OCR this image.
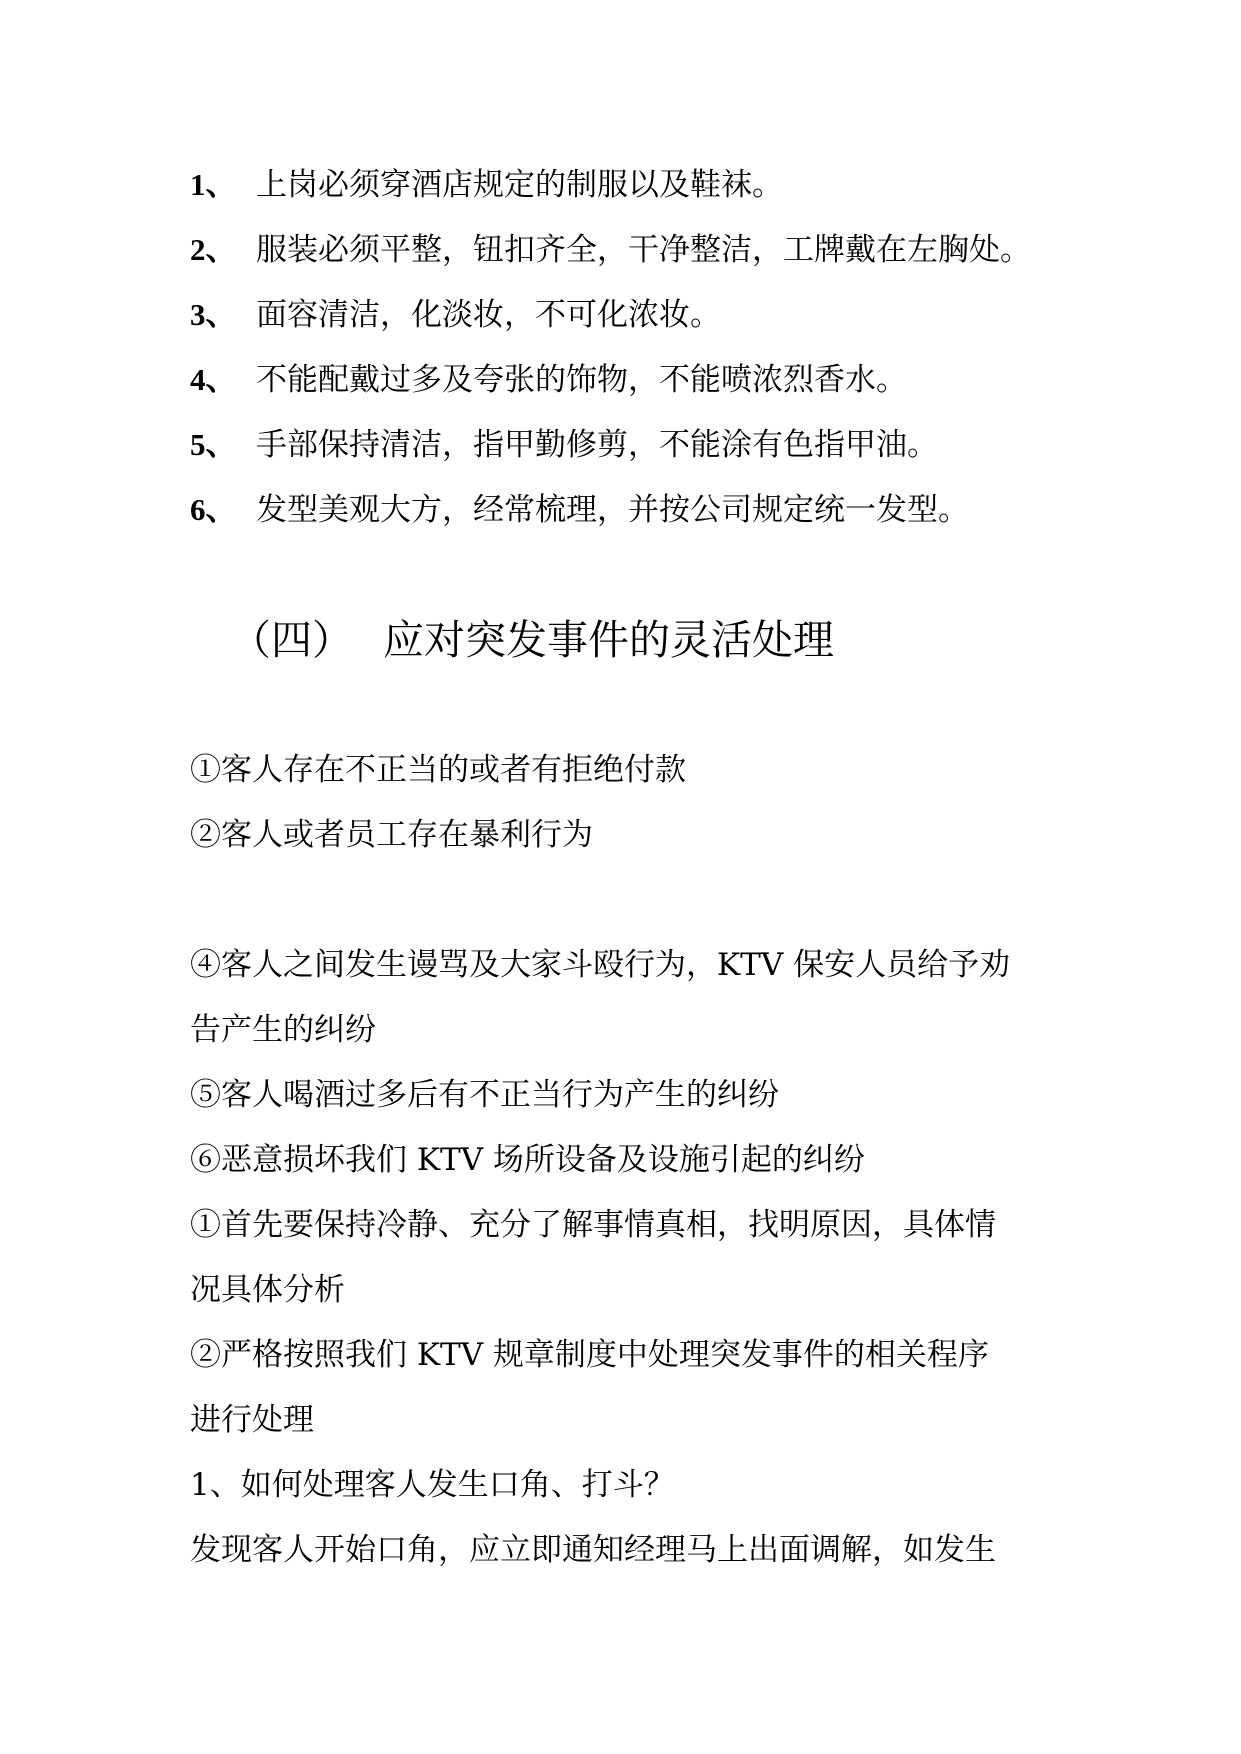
1、 上岗必须穿酒店规定的制服以及鞋袜。
2、 服装必须平整，钮扣齐全，干净整洁，工牌戴在左胸处。
3、 面容清洁，化淡妆，不可化浓妆。
4、 不能配戴过多及夸张的饰物，不能喷浓烈香水。
5、 手部保持清洁，指甲勤修剪，不能涂有色指甲油。
6、 发型美观大方，经常梳理，并按公司规定统一发型。
（四） 应对突发事件的灵活处理
①客人存在不正当的或者有拒绝付款
②客人或者员工存在暴利行为
④客人之间发生谩骂及大家斗殴行为，KTV 保安人员给予劝
告产生的纠纷
⑤客人喝酒过多后有不正当行为产生的纠纷
⑥恶意损坏我们 KTV 场所设备及设施引起的纠纷
①首先要保持冷静、充分了解事情真相，找明原因，具体情
况具体分析
②严格按照我们 KTV 规章制度中处理突发事件的相关程序
进行处理
1、如何处理客人发生口角、打斗？
发现客人开始口角，应立即通知经理马上出面调解，如发生
